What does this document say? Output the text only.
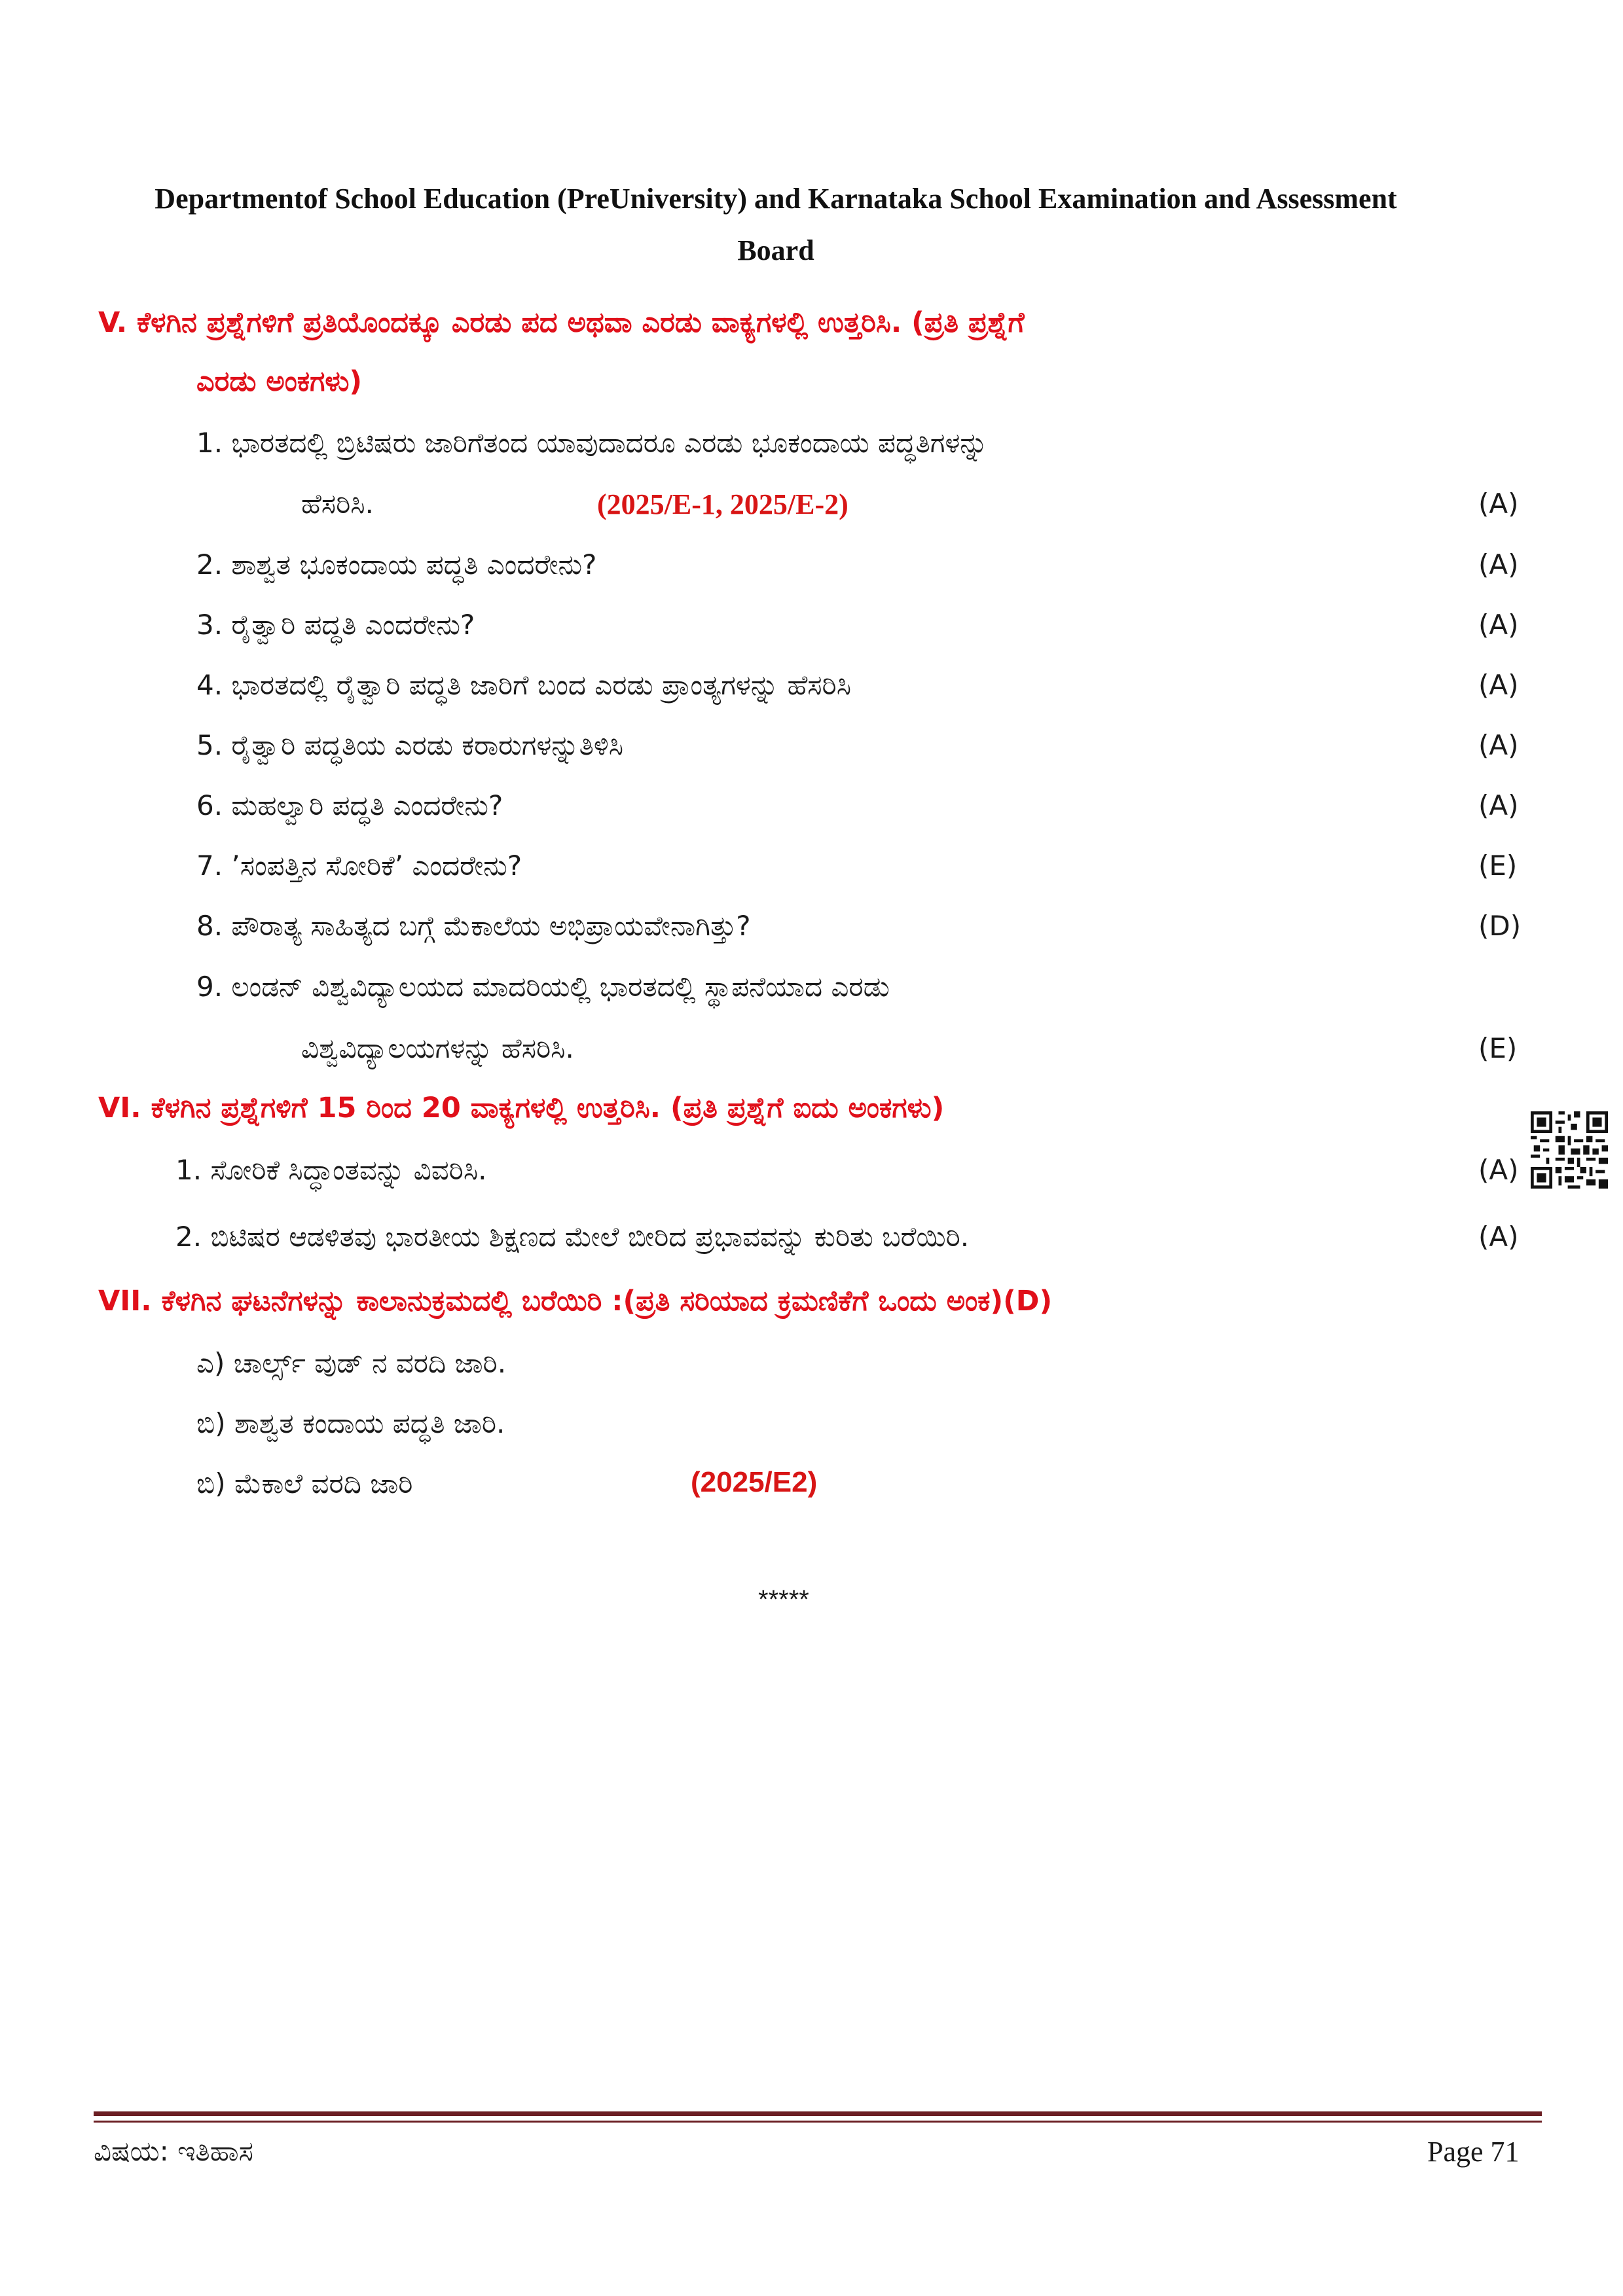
Departmentof School Education (PreUniversity) and Karnataka School Examination and Assessment
Board
V. ಕೆಳಗಿನ ಪ್ರಶ್ನೆಗಳಿಗೆ ಪ್ರತಿಯೊಂದಕ್ಕೂ ಎರಡು ಪದ ಅಥವಾ ಎರಡು ವಾಕ್ಯಗಳಲ್ಲಿ ಉತ್ತರಿಸಿ. (ಪ್ರತಿ ಪ್ರಶ್ನೆಗೆ
ಎರಡು ಅಂಕಗಳು)
1. ಭಾರತದಲ್ಲಿ ಬ್ರಿಟಿಷರು ಜಾರಿಗೆತಂದ ಯಾವುದಾದರೂ ಎರಡು ಭೂಕಂದಾಯ ಪದ್ಧತಿಗಳನ್ನು
ಹೆಸರಿಸಿ.	(2025/E-1, 2025/E-2)	(A)
2. ಶಾಶ್ವತ ಭೂಕಂದಾಯ ಪದ್ಧತಿ ಎಂದರೇನು?	(A)
3. ರೈತ್ವಾರಿ ಪದ್ಧತಿ ಎಂದರೇನು?	(A)
4. ಭಾರತದಲ್ಲಿ ರೈತ್ವಾರಿ ಪದ್ಧತಿ ಜಾರಿಗೆ ಬಂದ ಎರಡು ಪ್ರಾಂತ್ಯಗಳನ್ನು ಹೆಸರಿಸಿ	(A)
5. ರೈತ್ವಾರಿ ಪದ್ಧತಿಯ ಎರಡು ಕರಾರುಗಳನ್ನುತಿಳಿಸಿ	(A)
6. ಮಹಲ್ವಾರಿ ಪದ್ಧತಿ ಎಂದರೇನು?	(A)
7. ’ಸಂಪತ್ತಿನ ಸೋರಿಕೆ’ ಎಂದರೇನು?	(E)
8. ಪೌರಾತ್ಯ ಸಾಹಿತ್ಯದ ಬಗ್ಗೆ ಮೆಕಾಲೆಯ ಅಭಿಪ್ರಾಯವೇನಾಗಿತ್ತು?	(D)
9. ಲಂಡನ್ ವಿಶ್ವವಿದ್ಯಾಲಯದ ಮಾದರಿಯಲ್ಲಿ ಭಾರತದಲ್ಲಿ ಸ್ಥಾಪನೆಯಾದ ಎರಡು
ವಿಶ್ವವಿದ್ಯಾಲಯಗಳನ್ನು ಹೆಸರಿಸಿ.	(E)
VI. ಕೆಳಗಿನ ಪ್ರಶ್ನೆಗಳಿಗೆ 15 ರಿಂದ 20 ವಾಕ್ಯಗಳಲ್ಲಿ ಉತ್ತರಿಸಿ. (ಪ್ರತಿ ಪ್ರಶ್ನೆಗೆ ಐದು ಅಂಕಗಳು)
1. ಸೋರಿಕೆ ಸಿದ್ಧಾಂತವನ್ನು ವಿವರಿಸಿ.	(A)
2. ಬಿಟಿಷರ ಆಡಳಿತವು ಭಾರತೀಯ ಶಿಕ್ಷಣದ ಮೇಲೆ ಬೀರಿದ ಪ್ರಭಾವವನ್ನು ಕುರಿತು ಬರೆಯಿರಿ.	(A)
VII. ಕೆಳಗಿನ ಘಟನೆಗಳನ್ನು ಕಾಲಾನುಕ್ರಮದಲ್ಲಿ ಬರೆಯಿರಿ :(ಪ್ರತಿ ಸರಿಯಾದ ಕ್ರಮಣಿಕೆಗೆ ಒಂದು ಅಂಕ)(D)
ಎ) ಚಾರ್ಲ್ಸ್ ವುಡ್ ನ ವರದಿ ಜಾರಿ.
ಬಿ) ಶಾಶ್ವತ ಕಂದಾಯ ಪದ್ಧತಿ ಜಾರಿ.
ಬಿ) ಮೆಕಾಲೆ ವರದಿ ಜಾರಿ	(2025/E2)
*****
ವಿಷಯ: ಇತಿಹಾಸ	Page 71
